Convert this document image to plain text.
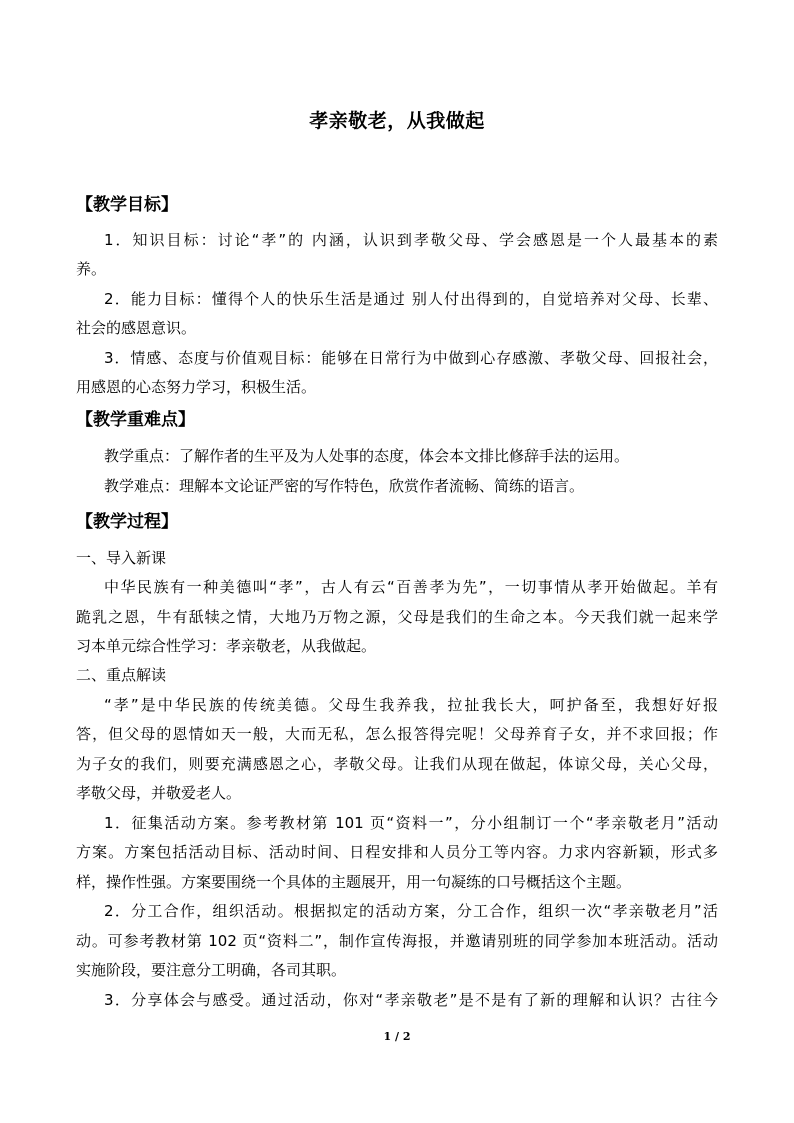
孝亲敬老，从我做起
【教学目标】
1．知识目标：讨论“孝”的 内涵，认识到孝敬父母、学会感恩是一个人最基本的素
养。
2．能力目标：懂得个人的快乐生活是通过 别人付出得到的，自觉培养对父母、长辈、
社会的感恩意识。
3．情感、态度与价值观目标：能够在日常行为中做到心存感激、孝敬父母、回报社会，
用感恩的心态努力学习，积极生活。
【教学重难点】
教学重点：了解作者的生平及为人处事的态度，体会本文排比修辞手法的运用。
教学难点：理解本文论证严密的写作特色，欣赏作者流畅、简练的语言。
【教学过程】
一、导入新课
中华民族有一种美德叫“孝”，古人有云“百善孝为先”，一切事情从孝开始做起。羊有
跪乳之恩，牛有舐犊之情，大地乃万物之源，父母是我们的生命之本。今天我们就一起来学
习本单元综合性学习：孝亲敬老，从我做起。
二、重点解读
“孝”是中华民族的传统美德。父母生我养我，拉扯我长大，呵护备至，我想好好报
答，但父母的恩情如天一般，大而无私，怎么报答得完呢！父母养育子女，并不求回报；作
为子女的我们，则要充满感恩之心，孝敬父母。让我们从现在做起，体谅父母，关心父母，
孝敬父母，并敬爱老人。
1．征集活动方案。参考教材第 101 页“资料一”，分小组制订一个“孝亲敬老月”活动
方案。方案包括活动目标、活动时间、日程安排和人员分工等内容。力求内容新颖，形式多
样，操作性强。方案要围绕一个具体的主题展开，用一句凝练的口号概括这个主题。
2．分工合作，组织活动。根据拟定的活动方案，分工合作，组织一次“孝亲敬老月”活
动。可参考教材第 102 页“资料二”，制作宣传海报，并邀请别班的同学参加本班活动。活动
实施阶段，要注意分工明确，各司其职。
3．分享体会与感受。通过活动，你对“孝亲敬老”是不是有了新的理解和认识？古往今
1 / 2
